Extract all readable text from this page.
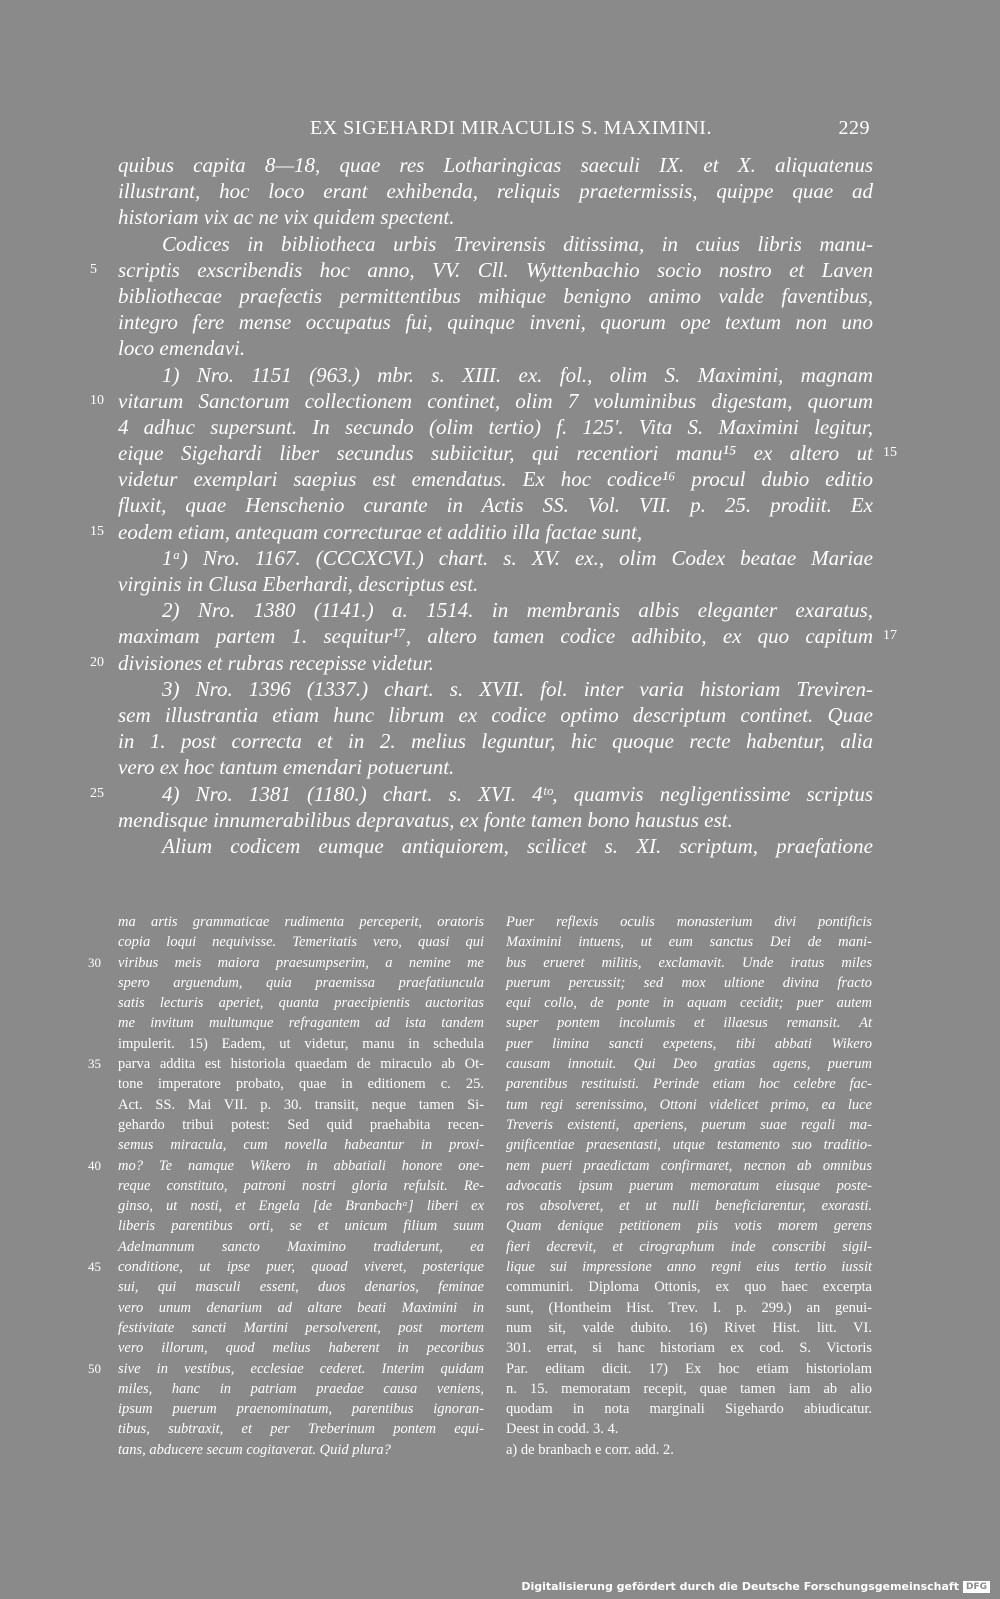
EX SIGEHARDI MIRACULIS S. MAXIMINI.	229
quibus capita 8—18, quae res Lotharingicas saeculi IX. et X. aliquatenus
illustrant, hoc loco erant exhibenda, reliquis praetermissis, quippe quae ad
historiam vix ac ne vix quidem spectent.
Codices in bibliotheca urbis Trevirensis ditissima, in cuius libris manu-
scriptis exscribendis hoc anno, VV. Cll. Wyttenbachio socio nostro et Laven
5
bibliothecae praefectis permittentibus mihique benigno animo valde faventibus,
integro fere mense occupatus fui, quinque inveni, quorum ope textum non uno
loco emendavi.
1) Nro. 1151 (963.) mbr. s. XIII. ex. fol., olim S. Maximini, magnam
vitarum Sanctorum collectionem continet, olim 7 voluminibus digestam, quorum
10
4 adhuc supersunt. In secundo (olim tertio) f. 125'. Vita S. Maximini legitur,
eique Sigehardi liber secundus subiicitur, qui recentiori manu¹⁵ ex altero ut 15
videtur exemplari saepius est emendatus. Ex hoc codice¹⁶ procul dubio editio
fluxit, quae Henschenio curante in Actis SS. Vol. VII. p. 25. prodiit. Ex
eodem etiam, antequam correcturae et additio illa factae sunt,
15
1ᵃ) Nro. 1167. (CCCXCVI.) chart. s. XV. ex., olim Codex beatae Mariae
virginis in Clusa Eberhardi, descriptus est.
2) Nro. 1380 (1141.) a. 1514. in membranis albis eleganter exaratus,
maximam partem 1. sequitur¹⁷, altero tamen codice adhibito, ex quo capitum 17
divisiones et rubras recepisse videtur.
20
3) Nro. 1396 (1337.) chart. s. XVII. fol. inter varia historiam Treviren-
sem illustrantia etiam hunc librum ex codice optimo descriptum continet. Quae
in 1. post correcta et in 2. melius leguntur, hic quoque recte habentur, alia
vero ex hoc tantum emendari potuerunt.
4) Nro. 1381 (1180.) chart. s. XVI. 4ᵗᵒ, quamvis negligentissime scriptus
25
mendisque innumerabilibus depravatus, ex fonte tamen bono haustus est.
Alium codicem eumque antiquiorem, scilicet s. XI. scriptum, praefatione
ma artis grammaticae rudimenta perceperit, oratoris
copia loqui nequivisse. Temeritatis vero, quasi qui
viribus meis maiora praesumpserim, a nemine me
30
spero arguendum, quia praemissa praefatiuncula
satis lecturis aperiet, quanta praecipientis auctoritas
me invitum multumque refragantem ad ista tandem
impulerit. 15) Eadem, ut videtur, manu in schedula
parva addita est historiola quaedam de miraculo ab Ot-
35
tone imperatore probato, quae in editionem c. 25.
Act. SS. Mai VII. p. 30. transiit, neque tamen Si-
gehardo tribui potest: Sed quid praehabita recen-
semus miracula, cum novella habeantur in proxi-
mo? Te namque Wikero in abbatiali honore one-
40
reque constituto, patroni nostri gloria refulsit. Re-
ginso, ut nosti, et Engela [de Branbachᵃ] liberi ex
liberis parentibus orti, se et unicum filium suum
Adelmannum sancto Maximino tradiderunt, ea
conditione, ut ipse puer, quoad viveret, posterique
45
sui, qui masculi essent, duos denarios, feminae
vero unum denarium ad altare beati Maximini in
festivitate sancti Martini persolverent, post mortem
vero illorum, quod melius haberent in pecoribus
sive in vestibus, ecclesiae cederet. Interim quidam
50
miles, hanc in patriam praedae causa veniens,
ipsum puerum praenominatum, parentibus ignoran-
tibus, subtraxit, et per Treberinum pontem equi-
tans, abducere secum cogitaverat. Quid plura?
Puer reflexis oculis monasterium divi pontificis
Maximini intuens, ut eum sanctus Dei de mani-
bus erueret militis, exclamavit. Unde iratus miles
puerum percussit; sed mox ultione divina fracto
equi collo, de ponte in aquam cecidit; puer autem
super pontem incolumis et illaesus remansit. At
puer limina sancti expetens, tibi abbati Wikero
causam innotuit. Qui Deo gratias agens, puerum
parentibus restituisti. Perinde etiam hoc celebre fac-
tum regi serenissimo, Ottoni videlicet primo, ea luce
Treveris existenti, aperiens, puerum suae regali ma-
gnificentiae praesentasti, utque testamento suo traditio-
nem pueri praedictam confirmaret, necnon ab omnibus
advocatis ipsum puerum memoratum eiusque poste-
ros absolveret, et ut nulli beneficiarentur, exorasti.
Quam denique petitionem piis votis morem gerens
fieri decrevit, et cirographum inde conscribi sigil-
lique sui impressione anno regni eius tertio iussit
communiri. Diploma Ottonis, ex quo haec excerpta
sunt, (Hontheim Hist. Trev. I. p. 299.) an genui-
num sit, valde dubito. 16) Rivet Hist. litt. VI.
301. errat, si hanc historiam ex cod. S. Victoris
Par. editam dicit. 17) Ex hoc etiam historiolam
n. 15. memoratam recepit, quae tamen iam ab alio
quodam in nota marginali Sigehardo abiudicatur.
Deest in codd. 3. 4.
a) de branbach e corr. add. 2.
Digitalisierung gefördert durch die Deutsche Forschungsgemeinschaft DFG
